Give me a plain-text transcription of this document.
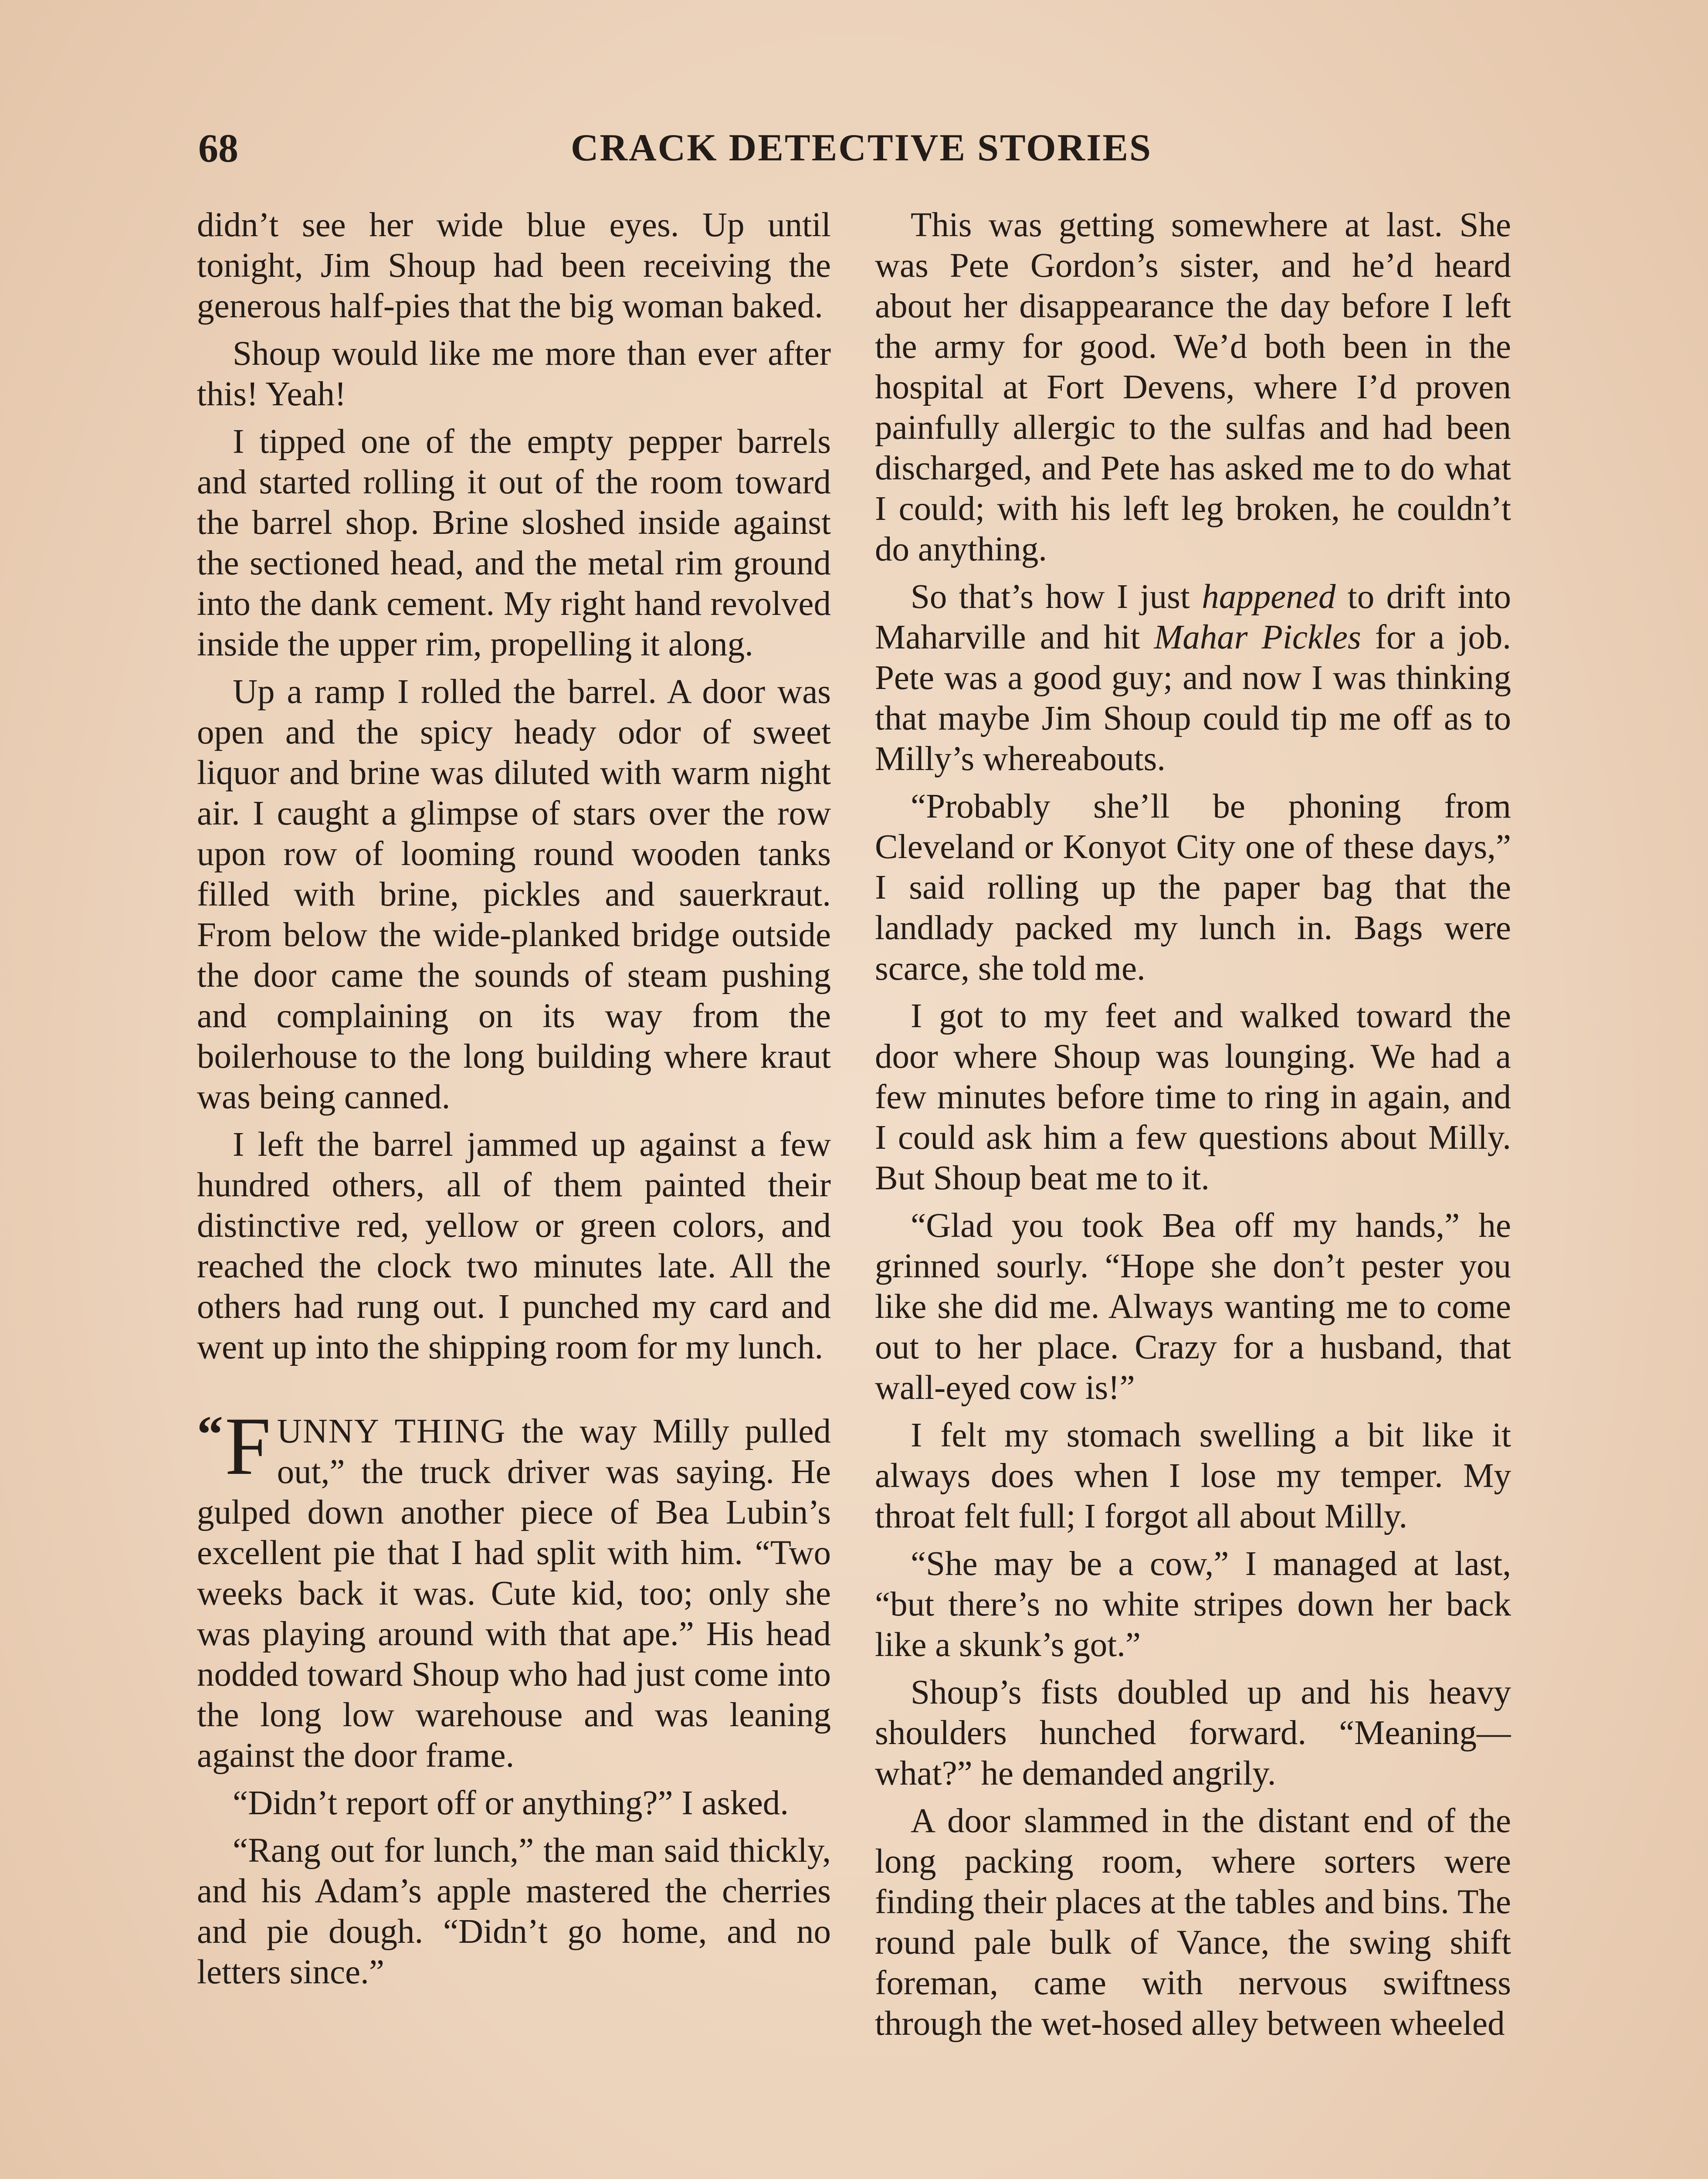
68	CRACK DETECTIVE STORIES

didn’t see her wide blue eyes. Up until tonight, Jim Shoup had been receiving the generous half-pies that the big woman baked.

Shoup would like me more than ever after this! Yeah!

I tipped one of the empty pepper barrels and started rolling it out of the room toward the barrel shop. Brine sloshed inside against the sectioned head, and the metal rim ground into the dank cement. My right hand revolved inside the upper rim, propelling it along.

Up a ramp I rolled the barrel. A door was open and the spicy heady odor of sweet liquor and brine was diluted with warm night air. I caught a glimpse of stars over the row upon row of looming round wooden tanks filled with brine, pickles and sauerkraut. From below the wide-planked bridge outside the door came the sounds of steam pushing and complaining on its way from the boilerhouse to the long building where kraut was being canned.

I left the barrel jammed up against a few hundred others, all of them painted their distinctive red, yellow or green colors, and reached the clock two minutes late. All the others had rung out. I punched my card and went up into the shipping room for my lunch.

“ F UNNY THING the way Milly pulled out,” the truck driver was saying. He gulped down another piece of Bea Lubin’s excellent pie that I had split with him. “Two weeks back it was. Cute kid, too; only she was playing around with that ape.” His head nodded toward Shoup who had just come into the long low warehouse and was leaning against the door frame.

“Didn’t report off or anything?” I asked.

“Rang out for lunch,” the man said thickly, and his Adam’s apple mastered the cherries and pie dough. “Didn’t go home, and no letters since.”

This was getting somewhere at last. She was Pete Gordon’s sister, and he’d heard about her disappearance the day before I left the army for good. We’d both been in the hospital at Fort Devens, where I’d proven painfully allergic to the sulfas and had been discharged, and Pete has asked me to do what I could; with his left leg broken, he couldn’t do anything.

So that’s how I just happened to drift into Maharville and hit Mahar Pickles for a job. Pete was a good guy; and now I was thinking that maybe Jim Shoup could tip me off as to Milly’s whereabouts.

“Probably she’ll be phoning from Cleveland or Konyot City one of these days,” I said rolling up the paper bag that the landlady packed my lunch in. Bags were scarce, she told me.

I got to my feet and walked toward the door where Shoup was lounging. We had a few minutes before time to ring in again, and I could ask him a few questions about Milly. But Shoup beat me to it.

“Glad you took Bea off my hands,” he grinned sourly. “Hope she don’t pester you like she did me. Always wanting me to come out to her place. Crazy for a husband, that wall-eyed cow is!”

I felt my stomach swelling a bit like it always does when I lose my temper. My throat felt full; I forgot all about Milly.

“She may be a cow,” I managed at last, “but there’s no white stripes down her back like a skunk’s got.”

Shoup’s fists doubled up and his heavy shoulders hunched forward. “Meaning—what?” he demanded angrily.

A door slammed in the distant end of the long packing room, where sorters were finding their places at the tables and bins. The round pale bulk of Vance, the swing shift foreman, came with nervous swiftness through the wet-hosed alley between wheeled
